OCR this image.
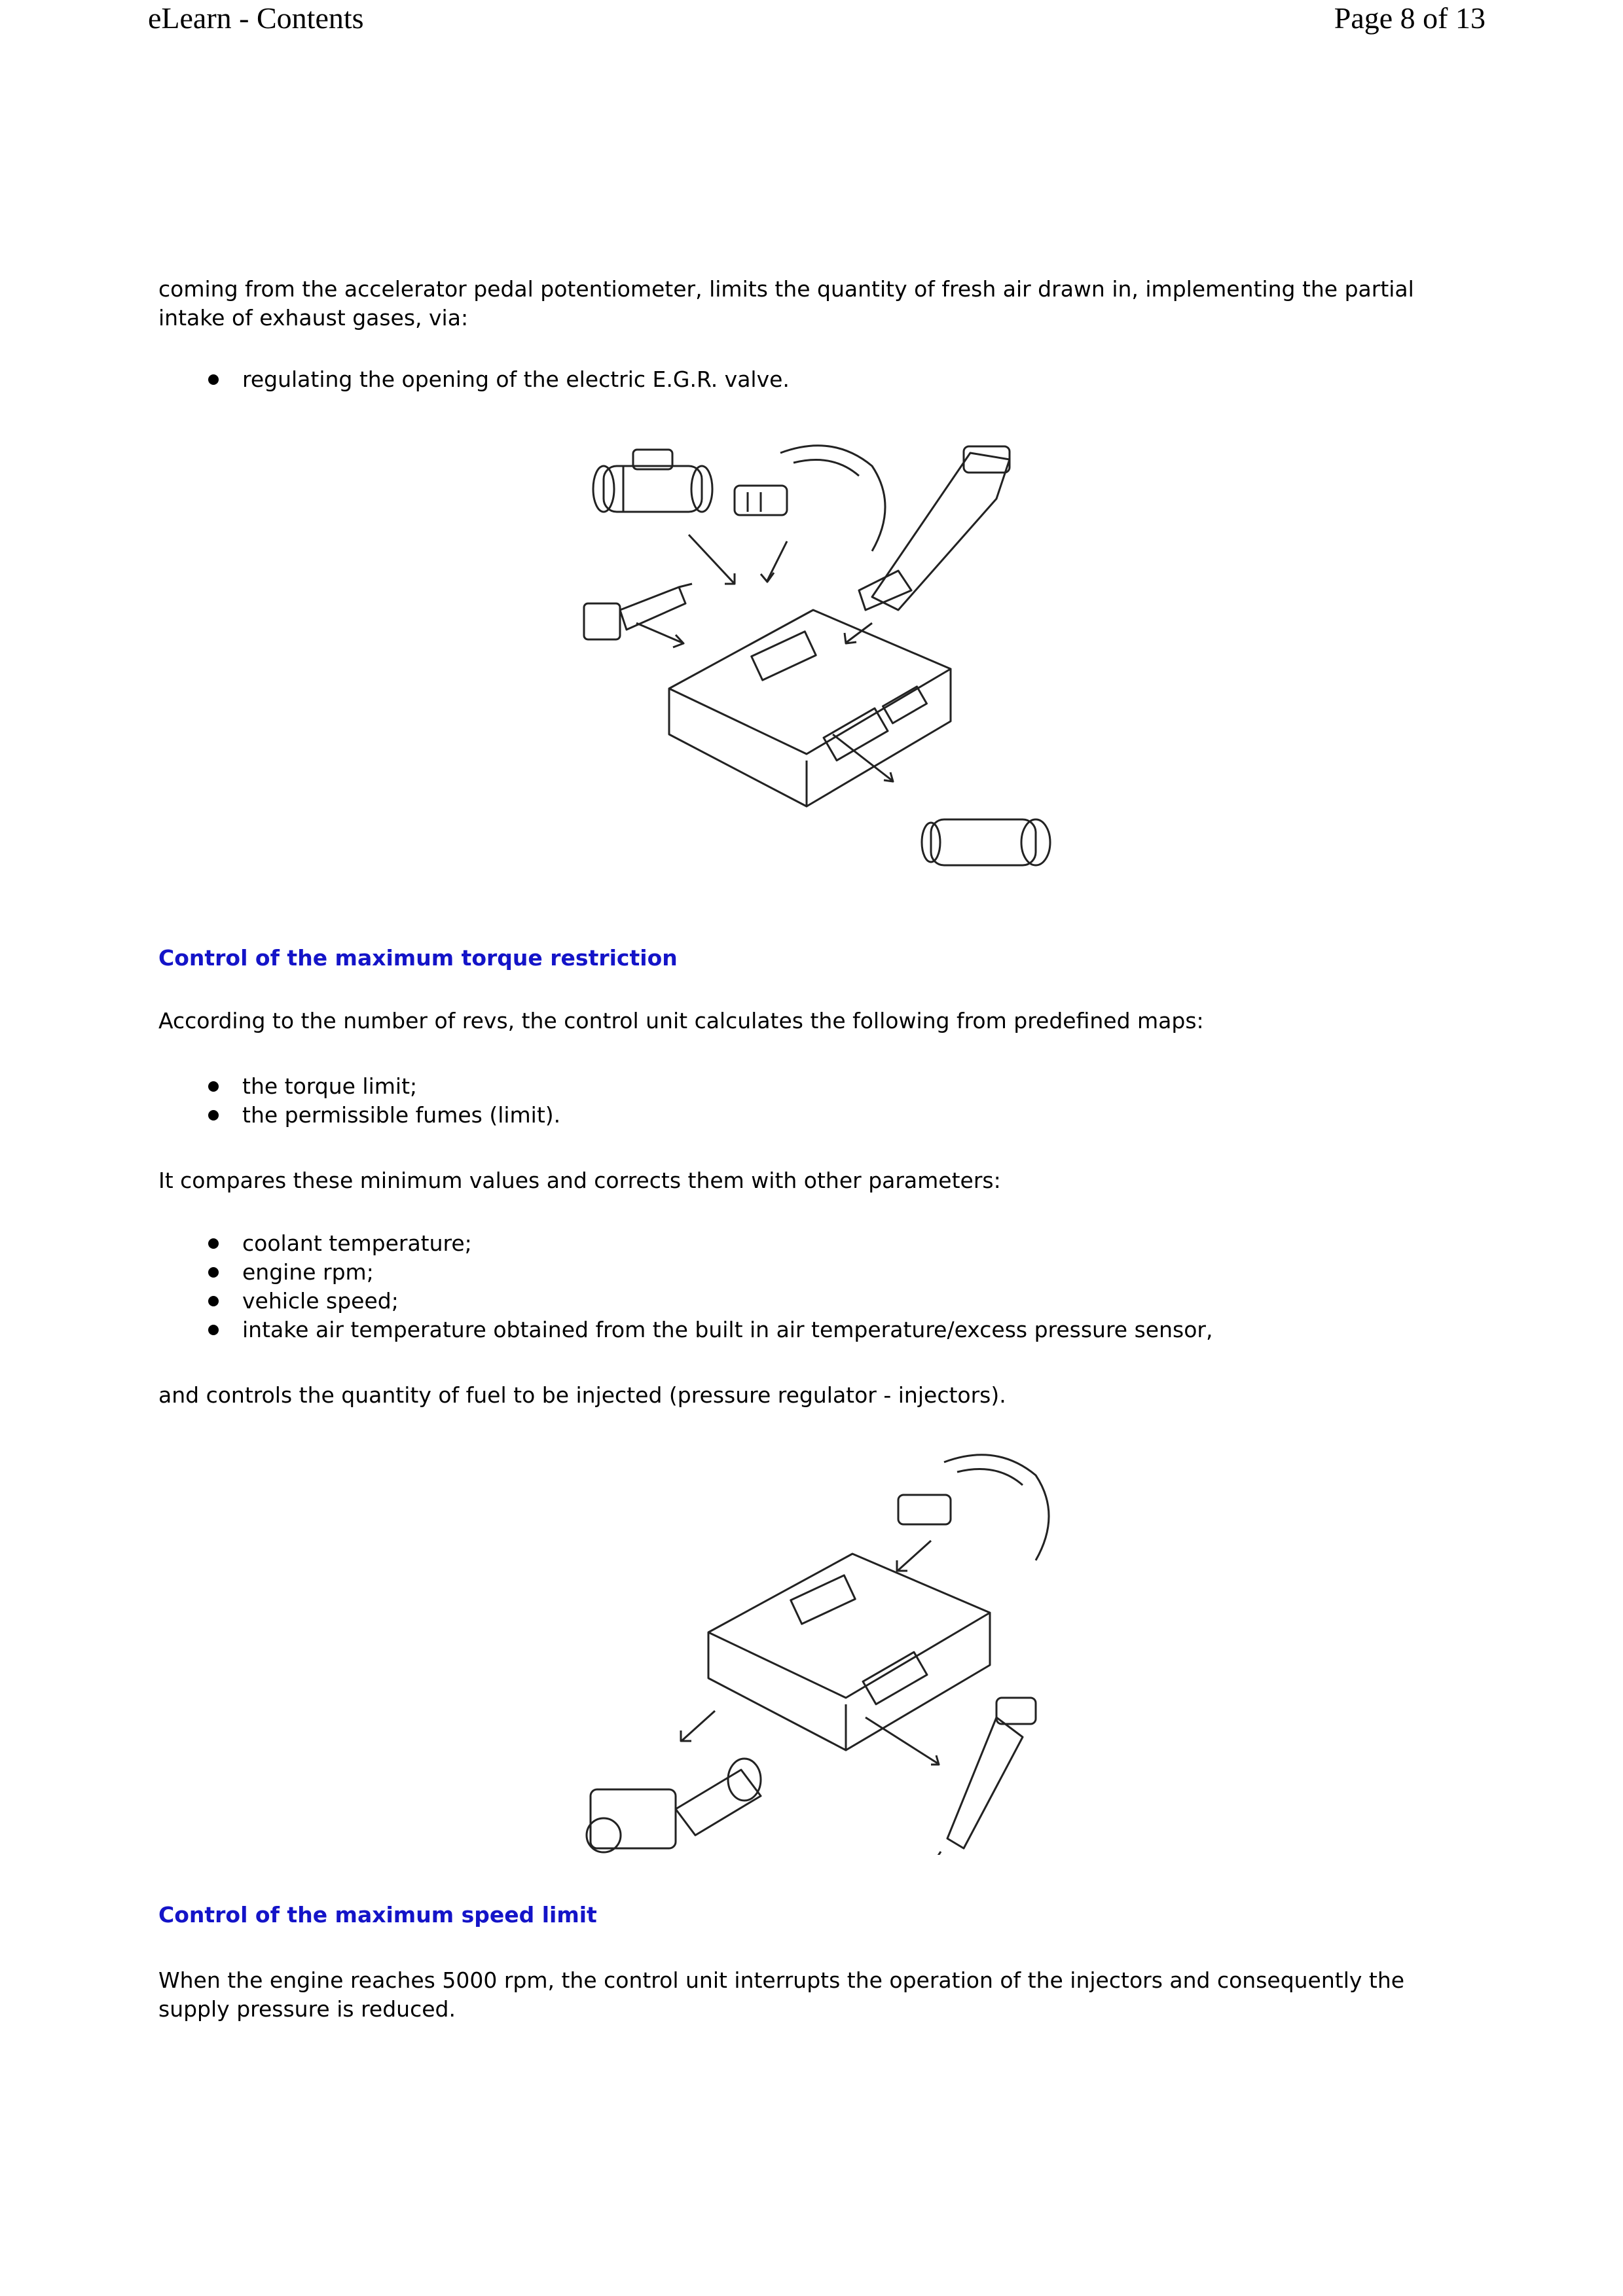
eLearn - Contents	Page 8 of 13

coming from the accelerator pedal potentiometer, limits the quantity of fresh air drawn in, implementing the partial intake of exhaust gases, via:

regulating the opening of the electric E.G.R. valve.

Control of the maximum torque restriction

According to the number of revs, the control unit calculates the following from predefined maps:

the torque limit;
the permissible fumes (limit).

It compares these minimum values and corrects them with other parameters:

coolant temperature;
engine rpm;
vehicle speed;
intake air temperature obtained from the built in air temperature/excess pressure sensor,

and controls the quantity of fuel to be injected (pressure regulator - injectors).

Control of the maximum speed limit

When the engine reaches 5000 rpm, the control unit interrupts the operation of the injectors and consequently the supply pressure is reduced.
